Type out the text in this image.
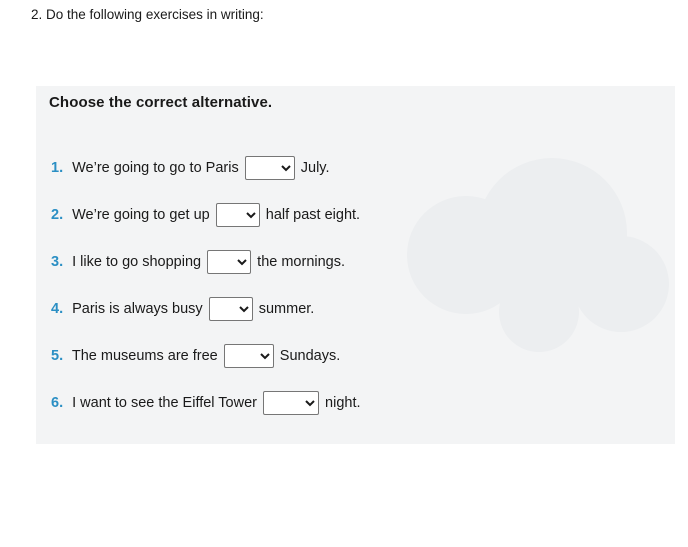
2. Do the following exercises in writing:
Choose the correct alternative.
1. We’re going to go to Paris	July.
2. We’re going to get up	half past eight.
3. I like to go shopping	the mornings.
4. Paris is always busy	summer.
5. The museums are free	Sundays.
6. I want to see the Eiffel Tower	night.
